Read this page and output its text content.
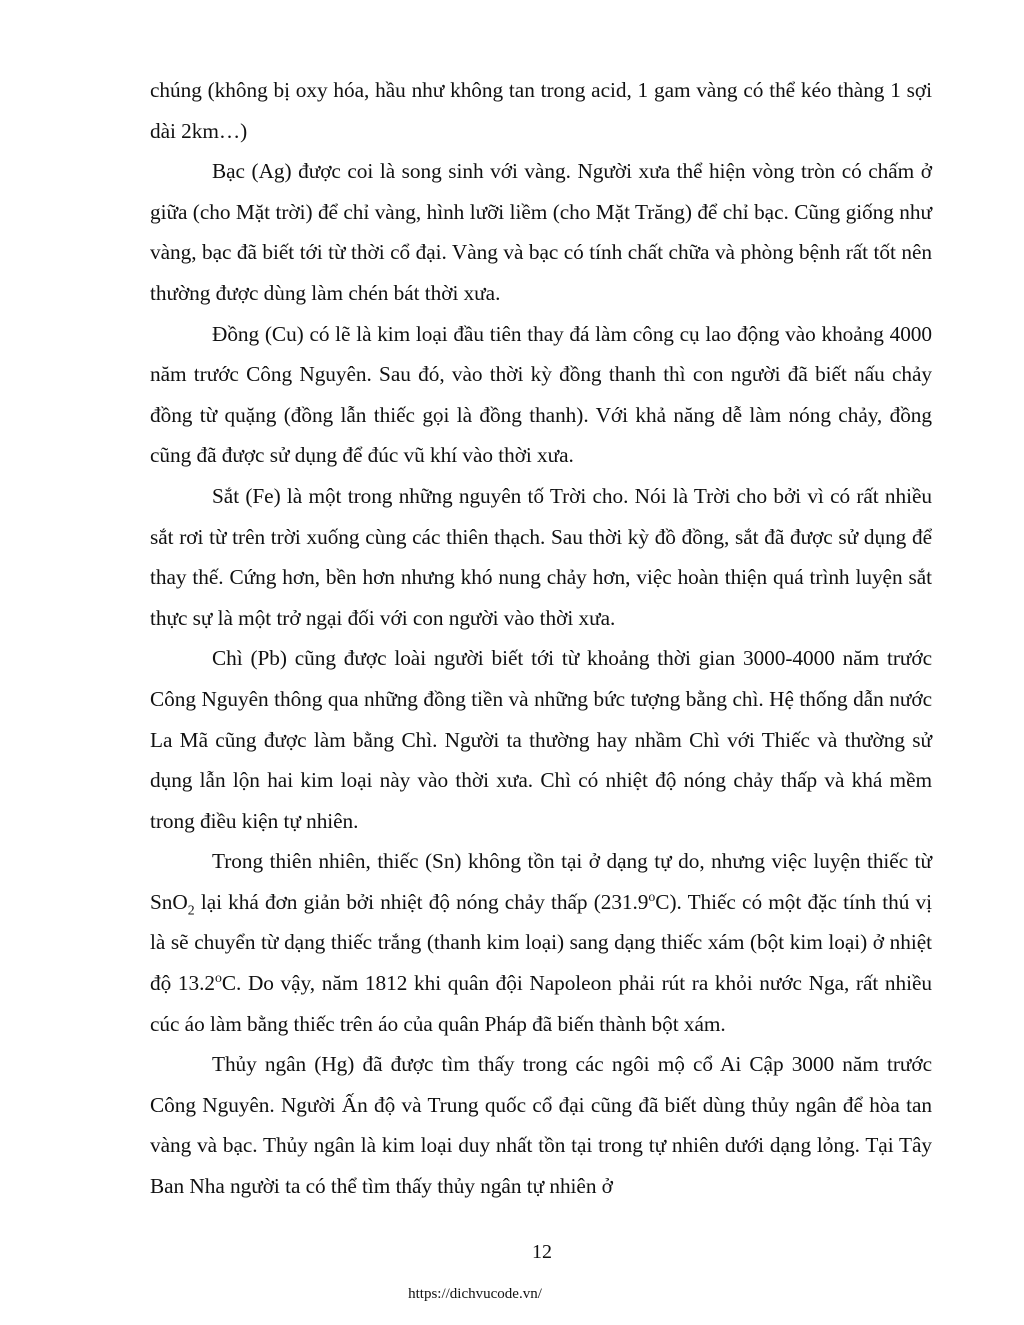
chúng (không bị oxy hóa, hầu như không tan trong acid, 1 gam vàng có thể kéo thàng 1 sợi dài 2km…)

Bạc (Ag) được coi là song sinh với vàng. Người xưa thể hiện vòng tròn có chấm ở giữa (cho Mặt trời) để chỉ vàng, hình lưỡi liềm (cho Mặt Trăng) để chỉ bạc. Cũng giống như vàng, bạc đã biết tới từ thời cổ đại. Vàng và bạc có tính chất chữa và phòng bệnh rất tốt nên thường được dùng làm chén bát thời xưa.

Đồng (Cu) có lẽ là kim loại đầu tiên thay đá làm công cụ lao động vào khoảng 4000 năm trước Công Nguyên. Sau đó, vào thời kỳ đồng thanh thì con người đã biết nấu chảy đồng từ quặng (đồng lẫn thiếc gọi là đồng thanh). Với khả năng dễ làm nóng chảy, đồng cũng đã được sử dụng để đúc vũ khí vào thời xưa.

Sắt (Fe) là một trong những nguyên tố Trời cho. Nói là Trời cho bởi vì có rất nhiều sắt rơi từ trên trời xuống cùng các thiên thạch. Sau thời kỳ đồ đồng, sắt đã được sử dụng để thay thế. Cứng hơn, bền hơn nhưng khó nung chảy hơn, việc hoàn thiện quá trình luyện sắt thực sự là một trở ngại đối với con người vào thời xưa.

Chì (Pb) cũng được loài người biết tới từ khoảng thời gian 3000-4000 năm trước Công Nguyên thông qua những đồng tiền và những bức tượng bằng chì. Hệ thống dẫn nước La Mã cũng được làm bằng Chì. Người ta thường hay nhầm Chì với Thiếc và thường sử dụng lẫn lộn hai kim loại này vào thời xưa. Chì có nhiệt độ nóng chảy thấp và khá mềm trong điều kiện tự nhiên.

Trong thiên nhiên, thiếc (Sn) không tồn tại ở dạng tự do, nhưng việc luyện thiếc từ SnO$_2$ lại khá đơn giản bởi nhiệt độ nóng chảy thấp (231.9$^o$C). Thiếc có một đặc tính thú vị là sẽ chuyển từ dạng thiếc trắng (thanh kim loại) sang dạng thiếc xám (bột kim loại) ở nhiệt độ 13.2$^o$C. Do vậy, năm 1812 khi quân đội Napoleon phải rút ra khỏi nước Nga, rất nhiều cúc áo làm bằng thiếc trên áo của quân Pháp đã biến thành bột xám.

Thủy ngân (Hg) đã được tìm thấy trong các ngôi mộ cổ Ai Cập 3000 năm trước Công Nguyên. Người Ấn độ và Trung quốc cổ đại cũng đã biết dùng thủy ngân để hòa tan vàng và bạc. Thủy ngân là kim loại duy nhất tồn tại trong tự nhiên dưới dạng lỏng. Tại Tây Ban Nha người ta có thể tìm thấy thủy ngân tự nhiên ở

12
https://dichvucode.vn/
